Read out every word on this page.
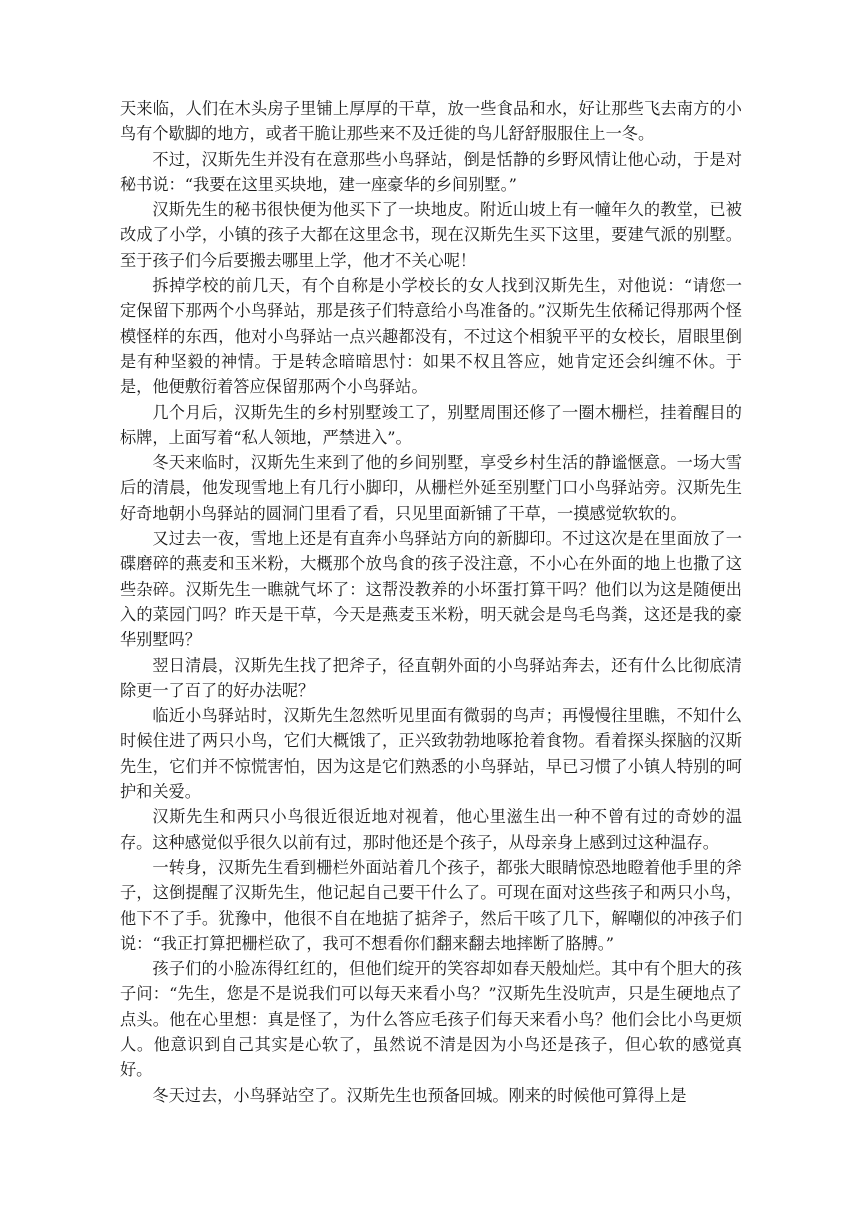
天来临，人们在木头房子里铺上厚厚的干草，放一些食品和水，好让那些飞去南方的小鸟有个歇脚的地方，或者干脆让那些来不及迁徙的鸟儿舒舒服服住上一冬。

不过，汉斯先生并没有在意那些小鸟驿站，倒是恬静的乡野风情让他心动，于是对秘书说：“我要在这里买块地，建一座豪华的乡间别墅。”

汉斯先生的秘书很快便为他买下了一块地皮。附近山坡上有一幢年久的教堂，已被改成了小学，小镇的孩子大都在这里念书，现在汉斯先生买下这里，要建气派的别墅。至于孩子们今后要搬去哪里上学，他才不关心呢！

拆掉学校的前几天，有个自称是小学校长的女人找到汉斯先生，对他说：“请您一定保留下那两个小鸟驿站，那是孩子们特意给小鸟准备的。”汉斯先生依稀记得那两个怪模怪样的东西，他对小鸟驿站一点兴趣都没有，不过这个相貌平平的女校长，眉眼里倒是有种坚毅的神情。于是转念暗暗思忖：如果不权且答应，她肯定还会纠缠不休。于是，他便敷衍着答应保留那两个小鸟驿站。

几个月后，汉斯先生的乡村别墅竣工了，别墅周围还修了一圈木栅栏，挂着醒目的标牌，上面写着“私人领地，严禁进入”。

冬天来临时，汉斯先生来到了他的乡间别墅，享受乡村生活的静谧惬意。一场大雪后的清晨，他发现雪地上有几行小脚印，从栅栏外延至别墅门口小鸟驿站旁。汉斯先生好奇地朝小鸟驿站的圆洞门里看了看，只见里面新铺了干草，一摸感觉软软的。

又过去一夜，雪地上还是有直奔小鸟驿站方向的新脚印。不过这次是在里面放了一碟磨碎的燕麦和玉米粉，大概那个放鸟食的孩子没注意，不小心在外面的地上也撒了这些杂碎。汉斯先生一瞧就气坏了：这帮没教养的小坏蛋打算干吗？他们以为这是随便出入的菜园门吗？昨天是干草，今天是燕麦玉米粉，明天就会是鸟毛鸟粪，这还是我的豪华别墅吗？

翌日清晨，汉斯先生找了把斧子，径直朝外面的小鸟驿站奔去，还有什么比彻底清除更一了百了的好办法呢？

临近小鸟驿站时，汉斯先生忽然听见里面有微弱的鸟声；再慢慢往里瞧，不知什么时候住进了两只小鸟，它们大概饿了，正兴致勃勃地啄抢着食物。看着探头探脑的汉斯先生，它们并不惊慌害怕，因为这是它们熟悉的小鸟驿站，早已习惯了小镇人特别的呵护和关爱。

汉斯先生和两只小鸟很近很近地对视着，他心里滋生出一种不曾有过的奇妙的温存。这种感觉似乎很久以前有过，那时他还是个孩子，从母亲身上感到过这种温存。

一转身，汉斯先生看到栅栏外面站着几个孩子，都张大眼睛惊恐地瞪着他手里的斧子，这倒提醒了汉斯先生，他记起自己要干什么了。可现在面对这些孩子和两只小鸟，他下不了手。犹豫中，他很不自在地掂了掂斧子，然后干咳了几下，解嘲似的冲孩子们说：“我正打算把栅栏砍了，我可不想看你们翻来翻去地摔断了胳膊。”

孩子们的小脸冻得红红的，但他们绽开的笑容却如春天般灿烂。其中有个胆大的孩子问：“先生，您是不是说我们可以每天来看小鸟？”汉斯先生没吭声，只是生硬地点了点头。他在心里想：真是怪了，为什么答应毛孩子们每天来看小鸟？他们会比小鸟更烦人。他意识到自己其实是心软了，虽然说不清是因为小鸟还是孩子，但心软的感觉真好。

冬天过去，小鸟驿站空了。汉斯先生也预备回城。刚来的时候他可算得上是
